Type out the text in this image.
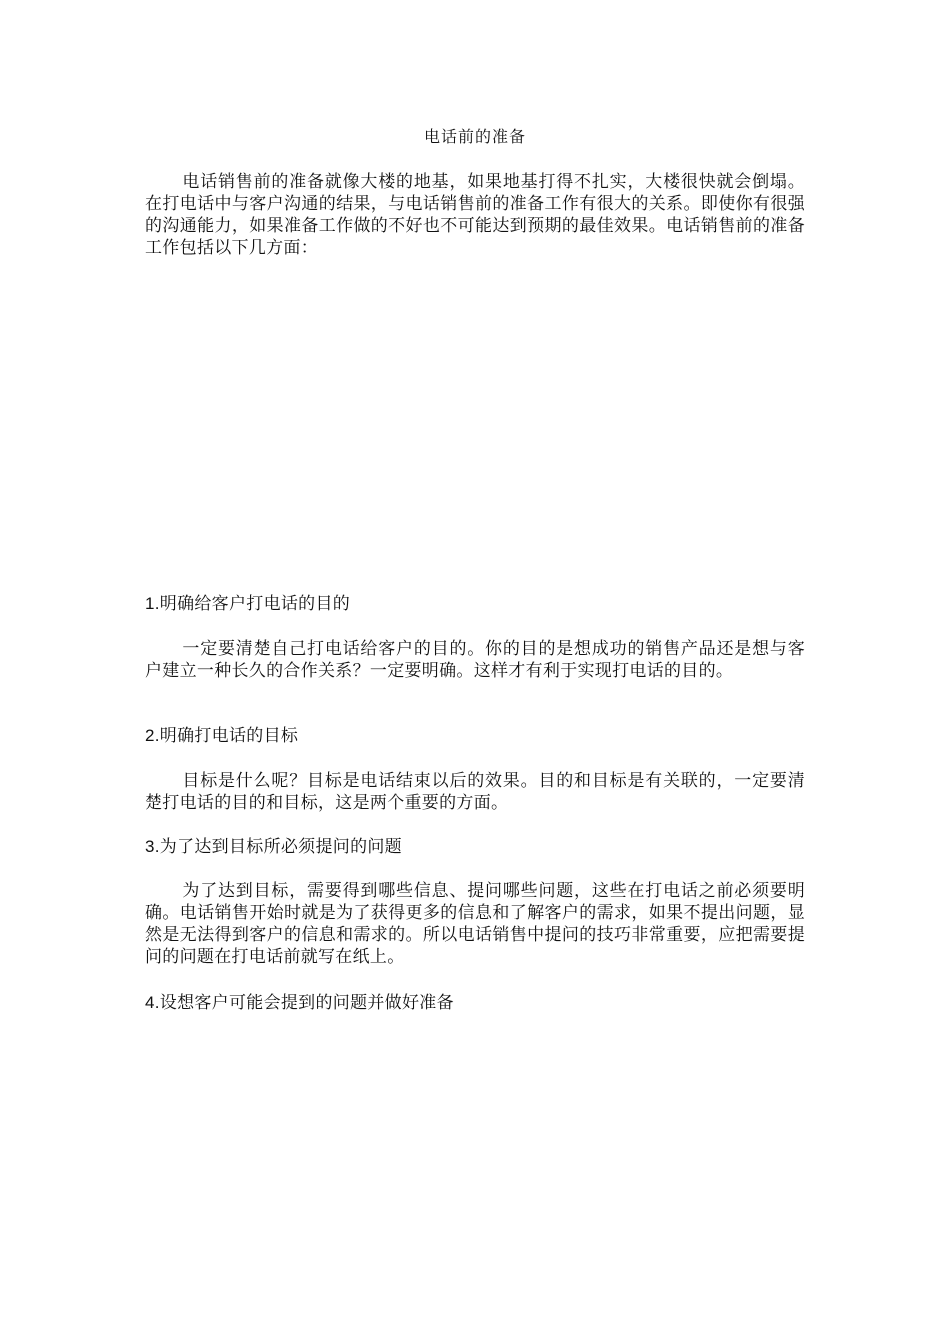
电话前的准备

电话销售前的准备就像大楼的地基，如果地基打得不扎实，大楼很快就会倒塌。在打电话中与客户沟通的结果，与电话销售前的准备工作有很大的关系。即使你有很强的沟通能力，如果准备工作做的不好也不可能达到预期的最佳效果。电话销售前的准备工作包括以下几方面：

1.明确给客户打电话的目的

一定要清楚自己打电话给客户的目的。你的目的是想成功的销售产品还是想与客户建立一种长久的合作关系？一定要明确。这样才有利于实现打电话的目的。

2.明确打电话的目标

目标是什么呢？目标是电话结束以后的效果。目的和目标是有关联的，一定要清楚打电话的目的和目标，这是两个重要的方面。

3.为了达到目标所必须提问的问题

为了达到目标，需要得到哪些信息、提问哪些问题，这些在打电话之前必须要明确。电话销售开始时就是为了获得更多的信息和了解客户的需求，如果不提出问题，显然是无法得到客户的信息和需求的。所以电话销售中提问的技巧非常重要，应把需要提问的问题在打电话前就写在纸上。

4.设想客户可能会提到的问题并做好准备
